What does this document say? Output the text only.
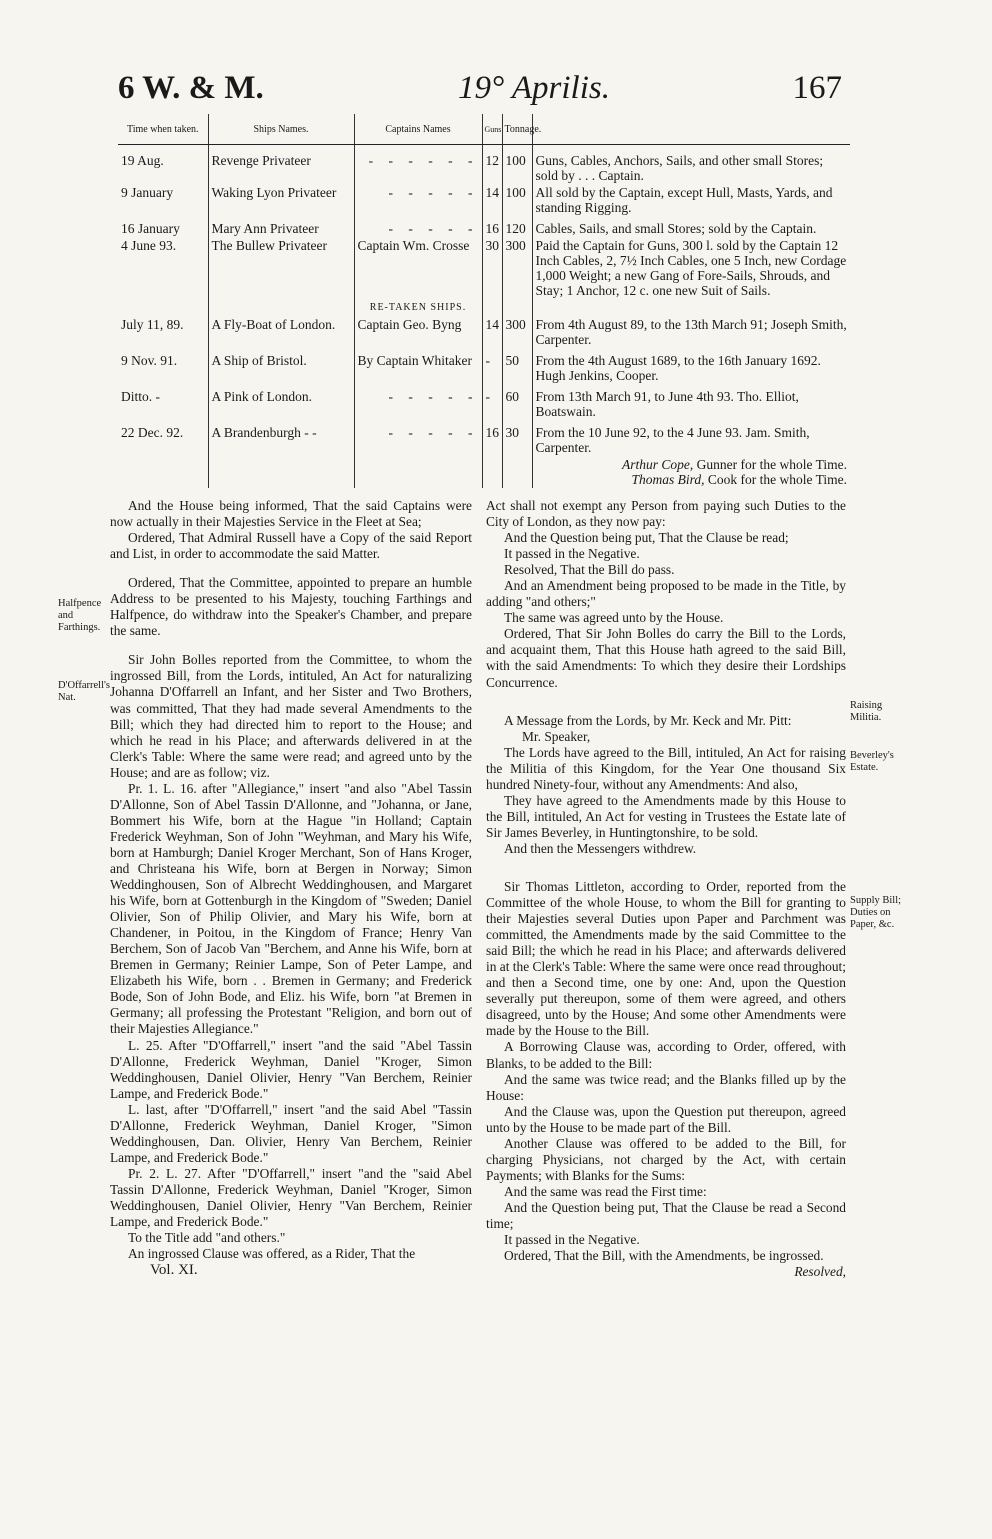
6 W. & M.	19° Aprilis.	167
Time when taken.	Ships Names.	Captains Names	Guns	Tonnage.	
19 Aug.	Revenge Privateer	- - - - - -	12	100	Guns, Cables, Anchors, Sails, and other small Stores; sold by . . . Captain.
9 January	Waking Lyon Privateer	- - - - -	14	100	All sold by the Captain, except Hull, Masts, Yards, and standing Rigging.
16 January	Mary Ann Privateer	- - - - -	16	120	Cables, Sails, and small Stores; sold by the Captain.
4 June 93.	The Bullew Privateer	Captain Wm. Crosse	30	300	Paid the Captain for Guns, 300 l. sold by the Captain 12 Inch Cables, 2, 7½ Inch Cables, one 5 Inch, new Cordage 1,000 Weight; a new Gang of Fore-Sails, Shrouds, and Stay; 1 Anchor, 12 c. one new Suit of Sails.
		RE-TAKEN SHIPS.			
July 11, 89.	A Fly-Boat of London.	Captain Geo. Byng	14	300	From 4th August 89, to the 13th March 91; Joseph Smith, Carpenter.
9 Nov. 91.	A Ship of Bristol.	By Captain Whitaker	-	50	From the 4th August 1689, to the 16th January 1692. Hugh Jenkins, Cooper.
Ditto. -	A Pink of London.	- - - - -	-	60	From 13th March 91, to June 4th 93. Tho. Elliot, Boatswain.
22 Dec. 92.	A Brandenburgh - -	- - - - -	16	30	From the 10 June 92, to the 4 June 93. Jam. Smith, Carpenter.

					Arthur Cope, Gunner for the whole Time.
Thomas Bird, Cook for the whole Time.
Halfpence and Farthings.
D'Offarrell's Nat.
Raising Militia.
Beverley's Estate.
Supply Bill; Duties on Paper, &c.

And the House being informed, That the said Captains were now actually in their Majesties Service in the Fleet at Sea;

Ordered, That Admiral Russell have a Copy of the said Report and List, in order to accommodate the said Matter.

Ordered, That the Committee, appointed to prepare an humble Address to be presented to his Majesty, touching Farthings and Halfpence, do withdraw into the Speaker's Chamber, and prepare the same.

Sir John Bolles reported from the Committee, to whom the ingrossed Bill, from the Lords, intituled, An Act for naturalizing Johanna D'Offarrell an Infant, and her Sister and Two Brothers, was committed, That they had made several Amendments to the Bill; which they had directed him to report to the House; and which he read in his Place; and afterwards delivered in at the Clerk's Table: Where the same were read; and agreed unto by the House; and are as follow; viz.

Pr. 1. L. 16. after "Allegiance," insert "and also "Abel Tassin D'Allonne, Son of Abel Tassin D'Allonne, and "Johanna, or Jane, Bommert his Wife, born at the Hague "in Holland; Captain Frederick Weyhman, Son of John "Weyhman, and Mary his Wife, born at Hamburgh; Daniel Kroger Merchant, Son of Hans Kroger, and Christeana his Wife, born at Bergen in Norway; Simon Weddinghousen, Son of Albrecht Weddinghousen, and Margaret his Wife, born at Gottenburgh in the Kingdom of "Sweden; Daniel Olivier, Son of Philip Olivier, and Mary his Wife, born at Chandener, in Poitou, in the Kingdom of France; Henry Van Berchem, Son of Jacob Van "Berchem, and Anne his Wife, born at Bremen in Germany; Reinier Lampe, Son of Peter Lampe, and Elizabeth his Wife, born . . Bremen in Germany; and Frederick Bode, Son of John Bode, and Eliz. his Wife, born "at Bremen in Germany; all professing the Protestant "Religion, and born out of their Majesties Allegiance."

L. 25. After "D'Offarrell," insert "and the said "Abel Tassin D'Allonne, Frederick Weyhman, Daniel "Kroger, Simon Weddinghousen, Daniel Olivier, Henry "Van Berchem, Reinier Lampe, and Frederick Bode."

L. last, after "D'Offarrell," insert "and the said Abel "Tassin D'Allonne, Frederick Weyhman, Daniel Kroger, "Simon Weddinghousen, Dan. Olivier, Henry Van Berchem, Reinier Lampe, and Frederick Bode."

Pr. 2. L. 27. After "D'Offarrell," insert "and the "said Abel Tassin D'Allonne, Frederick Weyhman, Daniel "Kroger, Simon Weddinghousen, Daniel Olivier, Henry "Van Berchem, Reinier Lampe, and Frederick Bode."

To the Title add "and others."

An ingrossed Clause was offered, as a Rider, That the

Vol. XI.

Act shall not exempt any Person from paying such Duties to the City of London, as they now pay:

And the Question being put, That the Clause be read;

It passed in the Negative.

Resolved, That the Bill do pass.

And an Amendment being proposed to be made in the Title, by adding "and others;"

The same was agreed unto by the House.

Ordered, That Sir John Bolles do carry the Bill to the Lords, and acquaint them, That this House hath agreed to the said Bill, with the said Amendments: To which they desire their Lordships Concurrence.

A Message from the Lords, by Mr. Keck and Mr. Pitt:

Mr. Speaker,

The Lords have agreed to the Bill, intituled, An Act for raising the Militia of this Kingdom, for the Year One thousand Six hundred Ninety-four, without any Amendments: And also,

They have agreed to the Amendments made by this House to the Bill, intituled, An Act for vesting in Trustees the Estate late of Sir James Beverley, in Huntingtonshire, to be sold.

And then the Messengers withdrew.

Sir Thomas Littleton, according to Order, reported from the Committee of the whole House, to whom the Bill for granting to their Majesties several Duties upon Paper and Parchment was committed, the Amendments made by the said Committee to the said Bill; the which he read in his Place; and afterwards delivered in at the Clerk's Table: Where the same were once read throughout; and then a Second time, one by one: And, upon the Question severally put thereupon, some of them were agreed, and others disagreed, unto by the House; And some other Amendments were made by the House to the Bill.

A Borrowing Clause was, according to Order, offered, with Blanks, to be added to the Bill:

And the same was twice read; and the Blanks filled up by the House:

And the Clause was, upon the Question put thereupon, agreed unto by the House to be made part of the Bill.

Another Clause was offered to be added to the Bill, for charging Physicians, not charged by the Act, with certain Payments; with Blanks for the Sums:

And the same was read the First time:

And the Question being put, That the Clause be read a Second time;

It passed in the Negative.

Ordered, That the Bill, with the Amendments, be ingrossed.

Resolved,
